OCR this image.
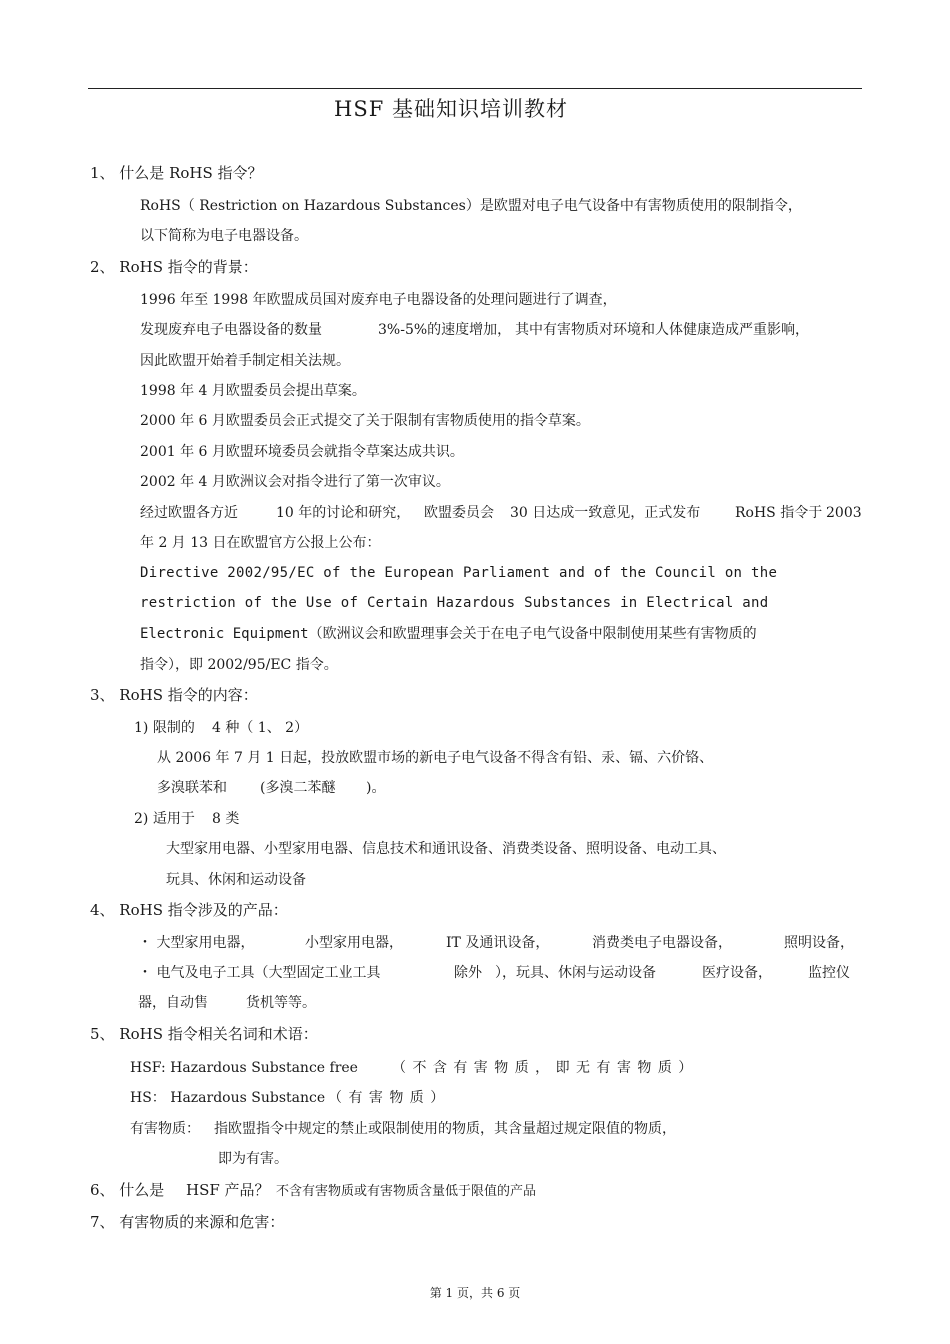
HSF 基础知识培训教材
1、 什么是 RoHS 指令？
RoHS（ Restriction on Hazardous Substances）是欧盟对电子电气设备中有害物质使用的限制指令，
以下简称为电子电器设备。
2、 RoHS 指令的背景：
1996 年至 1998 年欧盟成员国对废弃电子电器设备的处理问题进行了调查，
发现废弃电子电器设备的数量	3%-5%的速度增加， 其中有害物质对环境和人体健康造成严重影响，
因此欧盟开始着手制定相关法规。
1998 年 4 月欧盟委员会提出草案。
2000 年 6 月欧盟委员会正式提交了关于限制有害物质使用的指令草案。
2001 年 6 月欧盟环境委员会就指令草案达成共识。
2002 年 4 月欧洲议会对指令进行了第一次审议。
经过欧盟各方近	10 年的讨论和研究， 欧盟委员会 30 日达成一致意见，正式发布 RoHS 指令于 2003
年 2 月 13 日在欧盟官方公报上公布：
Directive 2002/95/EC of the European Parliament and of the Council on the
restriction of the Use of Certain Hazardous Substances in Electrical and
Electronic Equipment（欧洲议会和欧盟理事会关于在电子电气设备中限制使用某些有害物质的
指令），即 2002/95/EC 指令。
3、 RoHS 指令的内容：
1) 限制的 4 种（ 1、 2）
从 2006 年 7 月 1 日起，投放欧盟市场的新电子电气设备不得含有铅、汞、镉、六价铬、
多溴联苯和 (多溴二苯醚 )。
2) 适用于 8 类
大型家用电器、小型家用电器、信息技术和通讯设备、消费类设备、照明设备、电动工具、
玩具、休闲和运动设备
4、 RoHS 指令涉及的产品：
・ 大型家用电器，	小型家用电器，	IT 及通讯设备，	消费类电子电器设备，	照明设备，
・ 电气及电子工具（大型固定工业工具	除外 ），玩具、休闲与运动设备	医疗设备，	监控仪
器，自动售	货机等等。
5、 RoHS 指令相关名词和术语：
HSF: Hazardous Substance free （ 不 含 有 害 物 质 ， 即 无 有 害 物 质 ）
HS： Hazardous Substance （ 有 害 物 质 ）
有害物质： 指欧盟指令中规定的禁止或限制使用的物质，其含量超过规定限值的物质，
即为有害。
6、 什么是 HSF 产品？ 不含有害物质或有害物质含量低于限值的产品
7、 有害物质的来源和危害：
第 1 页，共 6 页
